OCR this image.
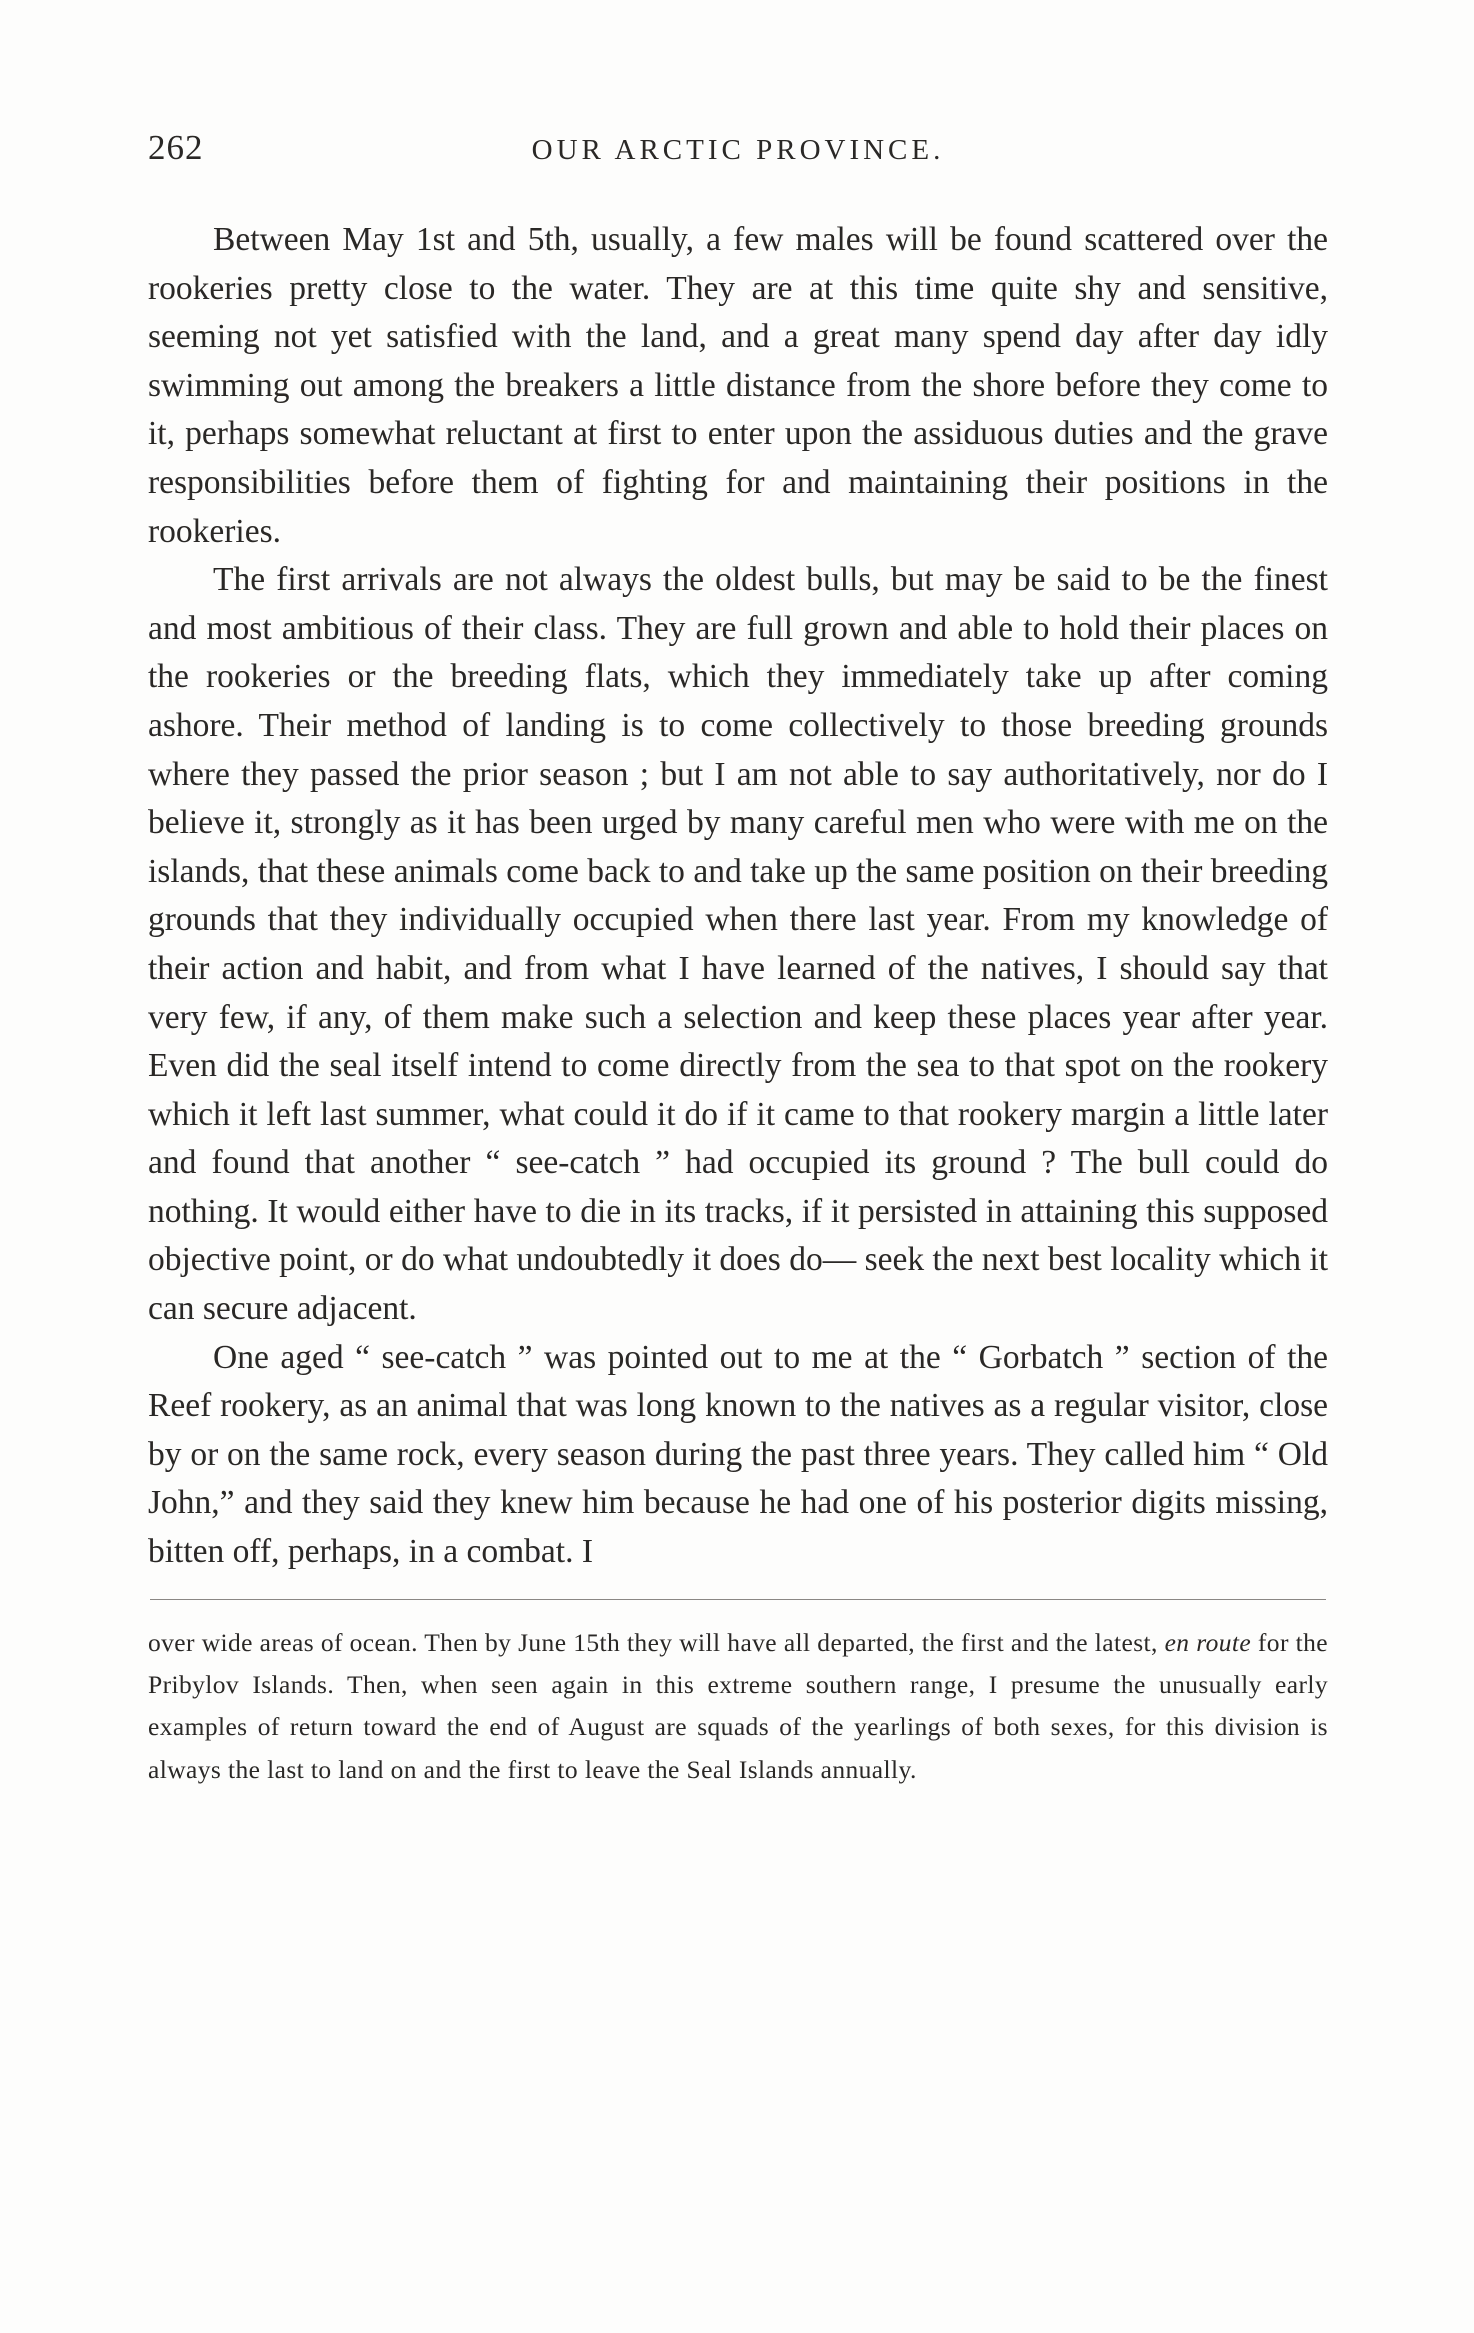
262	OUR ARCTIC PROVINCE.

Between May 1st and 5th, usually, a few males will be found scattered over the rookeries pretty close to the water. They are at this time quite shy and sensitive, seeming not yet satisfied with the land, and a great many spend day after day idly swimming out among the breakers a little distance from the shore before they come to it, perhaps somewhat reluctant at first to enter upon the assiduous duties and the grave responsibilities before them of fighting for and maintaining their positions in the rookeries.

The first arrivals are not always the oldest bulls, but may be said to be the finest and most ambitious of their class. They are full grown and able to hold their places on the rookeries or the breeding flats, which they immediately take up after coming ashore. Their method of landing is to come collectively to those breeding grounds where they passed the prior season ; but I am not able to say authoritatively, nor do I believe it, strongly as it has been urged by many careful men who were with me on the islands, that these animals come back to and take up the same position on their breeding grounds that they individually occupied when there last year. From my knowledge of their action and habit, and from what I have learned of the natives, I should say that very few, if any, of them make such a selection and keep these places year after year. Even did the seal itself intend to come directly from the sea to that spot on the rookery which it left last summer, what could it do if it came to that rookery margin a little later and found that another “ see-catch ” had occupied its ground ? The bull could do nothing. It would either have to die in its tracks, if it persisted in attaining this supposed objective point, or do what undoubtedly it does do— seek the next best locality which it can secure adjacent.

One aged “ see-catch ” was pointed out to me at the “ Gorbatch ” section of the Reef rookery, as an animal that was long known to the natives as a regular visitor, close by or on the same rock, every season during the past three years. They called him “ Old John,” and they said they knew him because he had one of his posterior digits missing, bitten off, perhaps, in a combat. I

over wide areas of ocean. Then by June 15th they will have all departed, the first and the latest, en route for the Pribylov Islands. Then, when seen again in this extreme southern range, I presume the unusually early examples of return toward the end of August are squads of the yearlings of both sexes, for this division is always the last to land on and the first to leave the Seal Islands annually.
